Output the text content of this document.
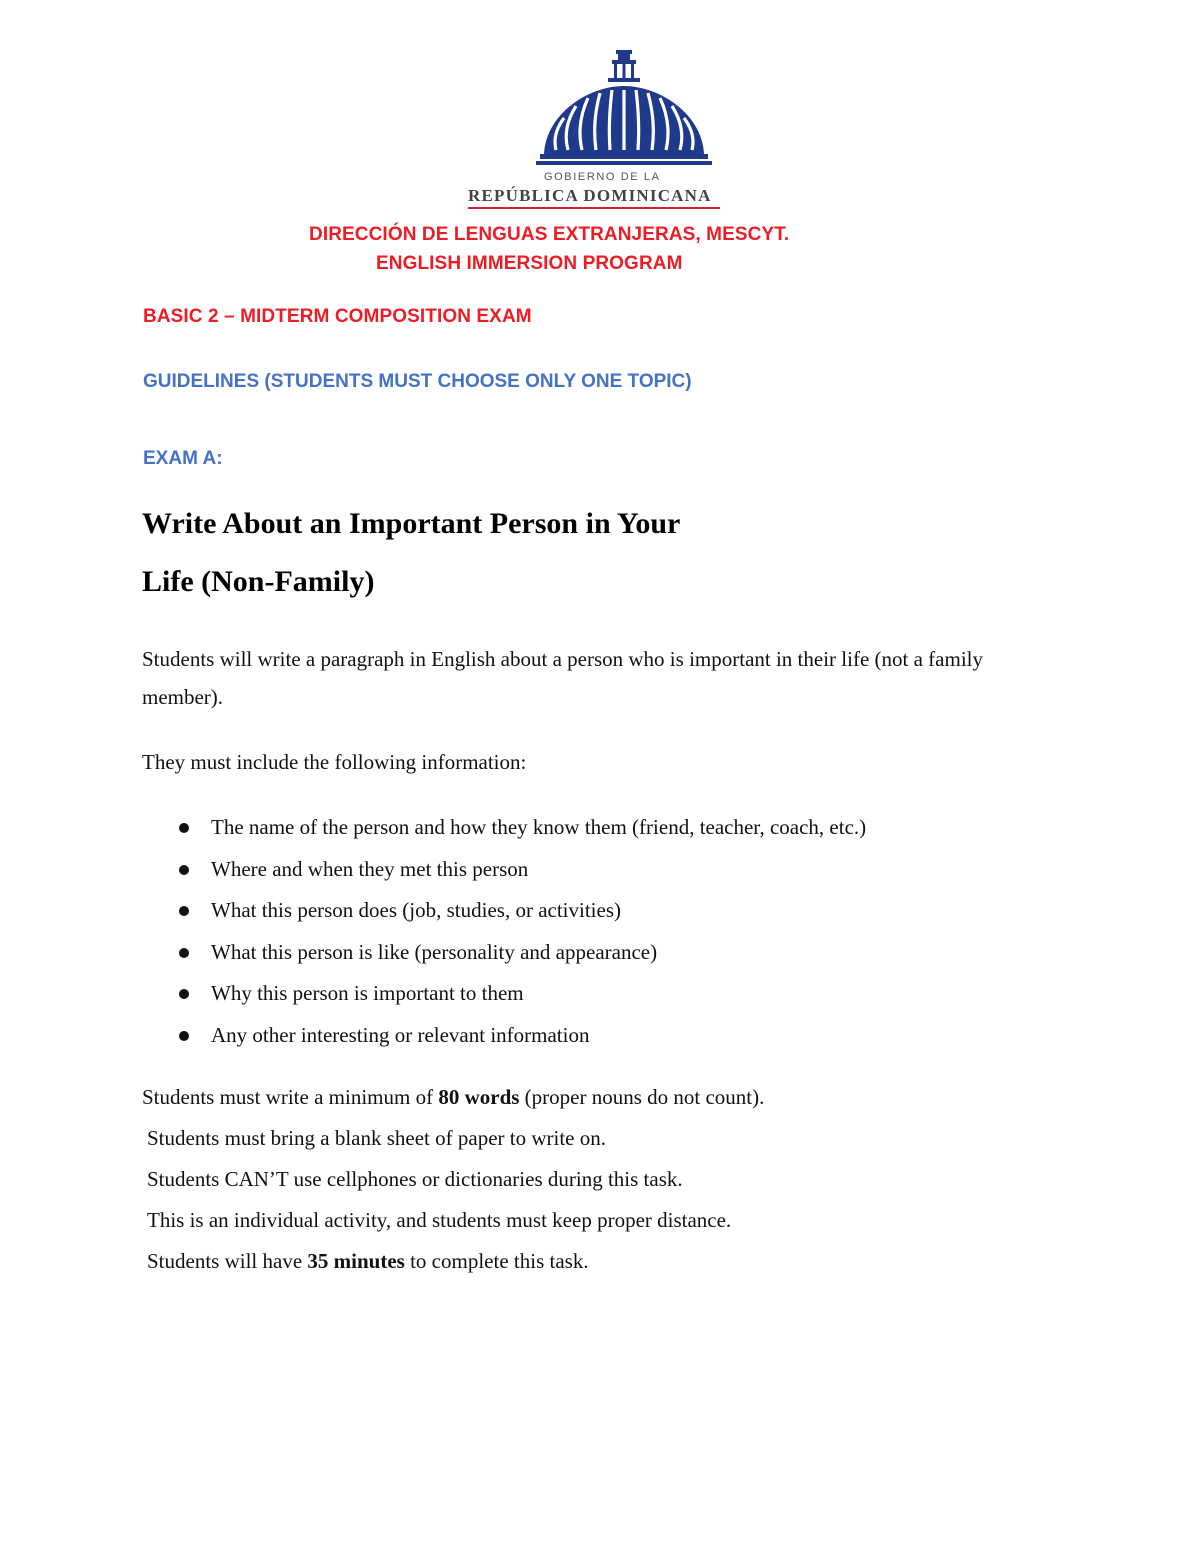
GOBIERNO DE LA
REPÚBLICA DOMINICANA
DIRECCIÓN DE LENGUAS EXTRANJERAS, MESCYT.
ENGLISH IMMERSION PROGRAM
BASIC 2 – MIDTERM COMPOSITION EXAM
GUIDELINES (STUDENTS MUST CHOOSE ONLY ONE TOPIC)
EXAM A:
Write About an Important Person in Your
Life (Non-Family)
Students will write a paragraph in English about a person who is important in their life (not a family
member).
They must include the following information:
The name of the person and how they know them (friend, teacher, coach, etc.)
Where and when they met this person
What this person does (job, studies, or activities)
What this person is like (personality and appearance)
Why this person is important to them
Any other interesting or relevant information
Students must write a minimum of 80 words (proper nouns do not count).
Students must bring a blank sheet of paper to write on.
Students CAN’T use cellphones or dictionaries during this task.
This is an individual activity, and students must keep proper distance.
Students will have 35 minutes to complete this task.
